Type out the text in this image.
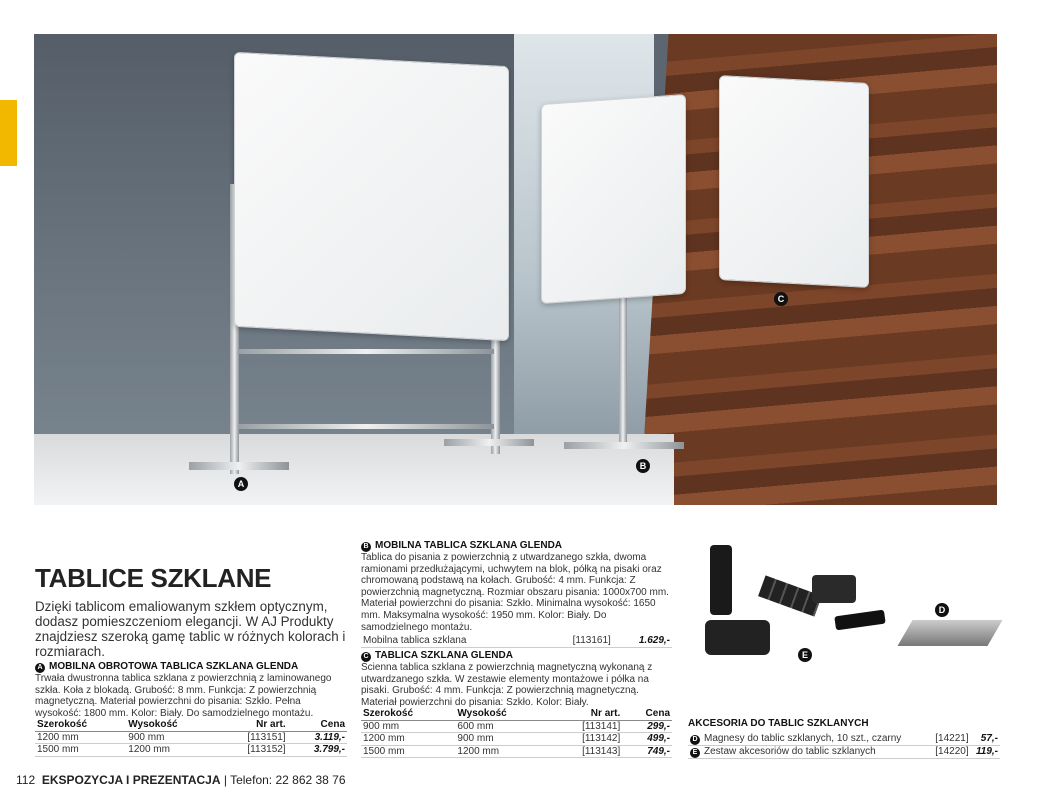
A
B
C
TABLICE SZKLANE

Dzięki tablicom emaliowanym szkłem optycznym, dodasz pomieszczeniom elegancji. W AJ Produkty znajdziesz szeroką gamę tablic w różnych kolorach i rozmiarach.

A MOBILNA OBROTOWA TABLICA SZKLANA GLENDA

Trwała dwustronna tablica szklana z powierzchnią z laminowanego szkła. Koła z blokadą. Grubość: 8 mm. Funkcja: Z powierzchnią magnetyczną. Materiał powierzchni do pisania: Szkło. Pełna wysokość: 1800 mm. Kolor: Biały. Do samodzielnego montażu.

Szerokość	Wysokość	Nr art.	Cena
1200 mm	900 mm	[113151]	3.119,-
1500 mm	1200 mm	[113152]	3.799,-
B MOBILNA TABLICA SZKLANA GLENDA

Tablica do pisania z powierzchnią z utwardzanego szkła, dwoma ramionami przedłużającymi, uchwytem na blok, półką na pisaki oraz chromowaną podstawą na kołach. Grubość: 4 mm. Funkcja: Z powierzchnią magnetyczną. Rozmiar obszaru pisania: 1000x700 mm. Materiał powierzchni do pisania: Szkło. Minimalna wysokość: 1650 mm. Maksymalna wysokość: 1950 mm. Kolor: Biały. Do samodzielnego montażu.

Mobilna tablica szklana	[113161]	1.629,-
C TABLICA SZKLANA GLENDA

Ścienna tablica szklana z powierzchnią magnetyczną wykonaną z utwardzanego szkła. W zestawie elementy montażowe i półka na pisaki. Grubość: 4 mm. Funkcja: Z powierzchnią magnetyczną. Materiał powierzchni do pisania: Szkło. Kolor: Biały.

Szerokość	Wysokość	Nr art.	Cena
900 mm	600 mm	[113141]	299,-
1200 mm	900 mm	[113142]	499,-
1500 mm	1200 mm	[113143]	749,-
D
E
AKCESORIA DO TABLIC SZKLANYCH
D	Magnesy do tablic szklanych, 10 szt., czarny	[14221]	57,-
E	Zestaw akcesoriów do tablic szklanych	[14220]	119,-
112 EKSPOZYCJA I PREZENTACJA | Telefon: 22 862 38 76
